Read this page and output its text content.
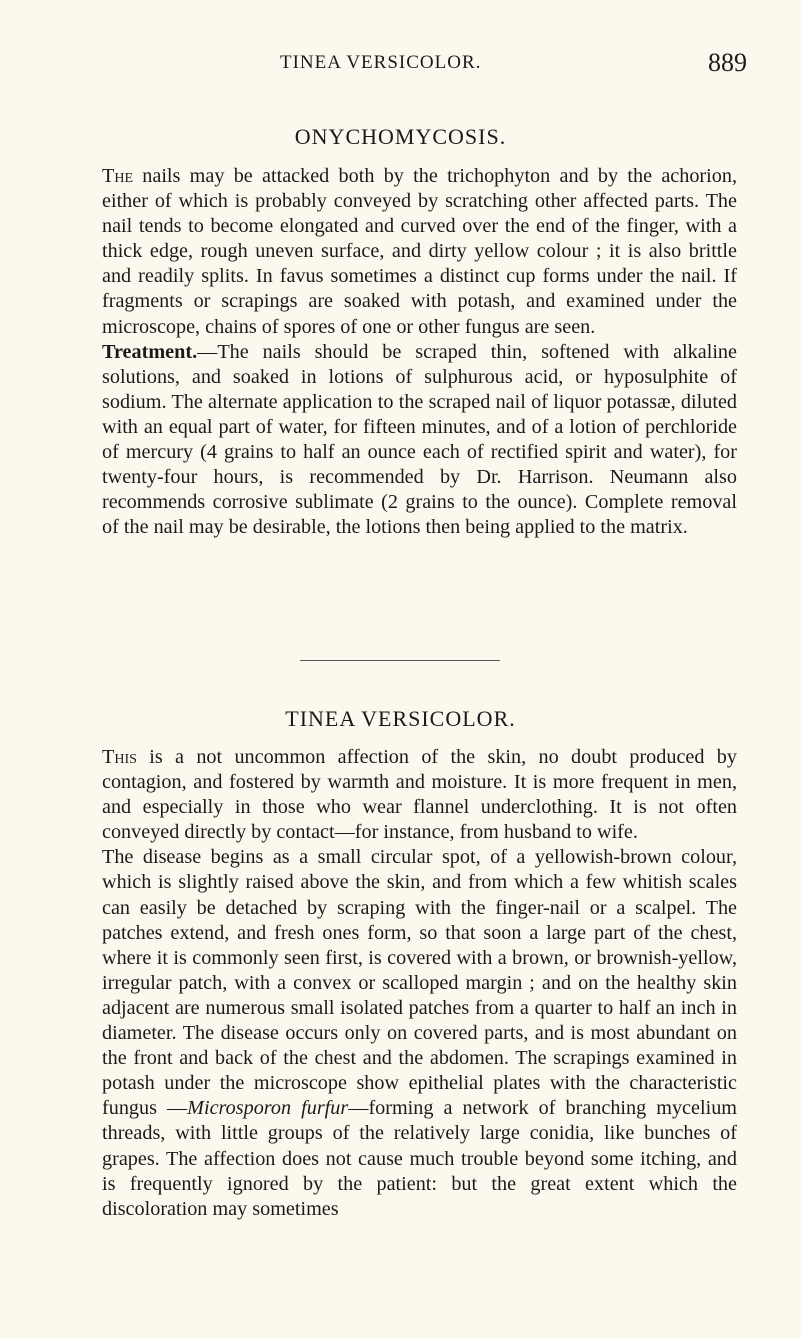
TINEA VERSICOLOR.	889
ONYCHOMYCOSIS.

The nails may be attacked both by the trichophyton and by the achorion, either of which is probably conveyed by scratching other affected parts. The nail tends to become elongated and curved over the end of the finger, with a thick edge, rough uneven surface, and dirty yellow colour ; it is also brittle and readily splits. In favus sometimes a distinct cup forms under the nail. If fragments or scrapings are soaked with potash, and examined under the microscope, chains of spores of one or other fungus are seen.

Treatment.—The nails should be scraped thin, softened with alkaline solutions, and soaked in lotions of sulphurous acid, or hyposulphite of sodium. The alternate application to the scraped nail of liquor potassæ, diluted with an equal part of water, for fifteen minutes, and of a lotion of perchloride of mercury (4 grains to half an ounce each of rectified spirit and water), for twenty-four hours, is recommended by Dr. Harrison. Neumann also recommends corrosive sublimate (2 grains to the ounce). Complete removal of the nail may be desirable, the lotions then being applied to the matrix.

TINEA VERSICOLOR.

This is a not uncommon affection of the skin, no doubt produced by contagion, and fostered by warmth and moisture. It is more frequent in men, and especially in those who wear flannel underclothing. It is not often conveyed directly by contact—for instance, from husband to wife.

The disease begins as a small circular spot, of a yellowish-brown colour, which is slightly raised above the skin, and from which a few whitish scales can easily be detached by scraping with the finger-nail or a scalpel. The patches extend, and fresh ones form, so that soon a large part of the chest, where it is commonly seen first, is covered with a brown, or brownish-yellow, irregular patch, with a convex or scalloped margin ; and on the healthy skin adjacent are numerous small isolated patches from a quarter to half an inch in diameter. The disease occurs only on covered parts, and is most abundant on the front and back of the chest and the abdomen. The scrapings examined in potash under the microscope show epithelial plates with the characteristic fungus —Microsporon furfur—forming a network of branching mycelium threads, with little groups of the relatively large conidia, like bunches of grapes. The affection does not cause much trouble beyond some itching, and is frequently ignored by the patient: but the great extent which the discoloration may sometimes
